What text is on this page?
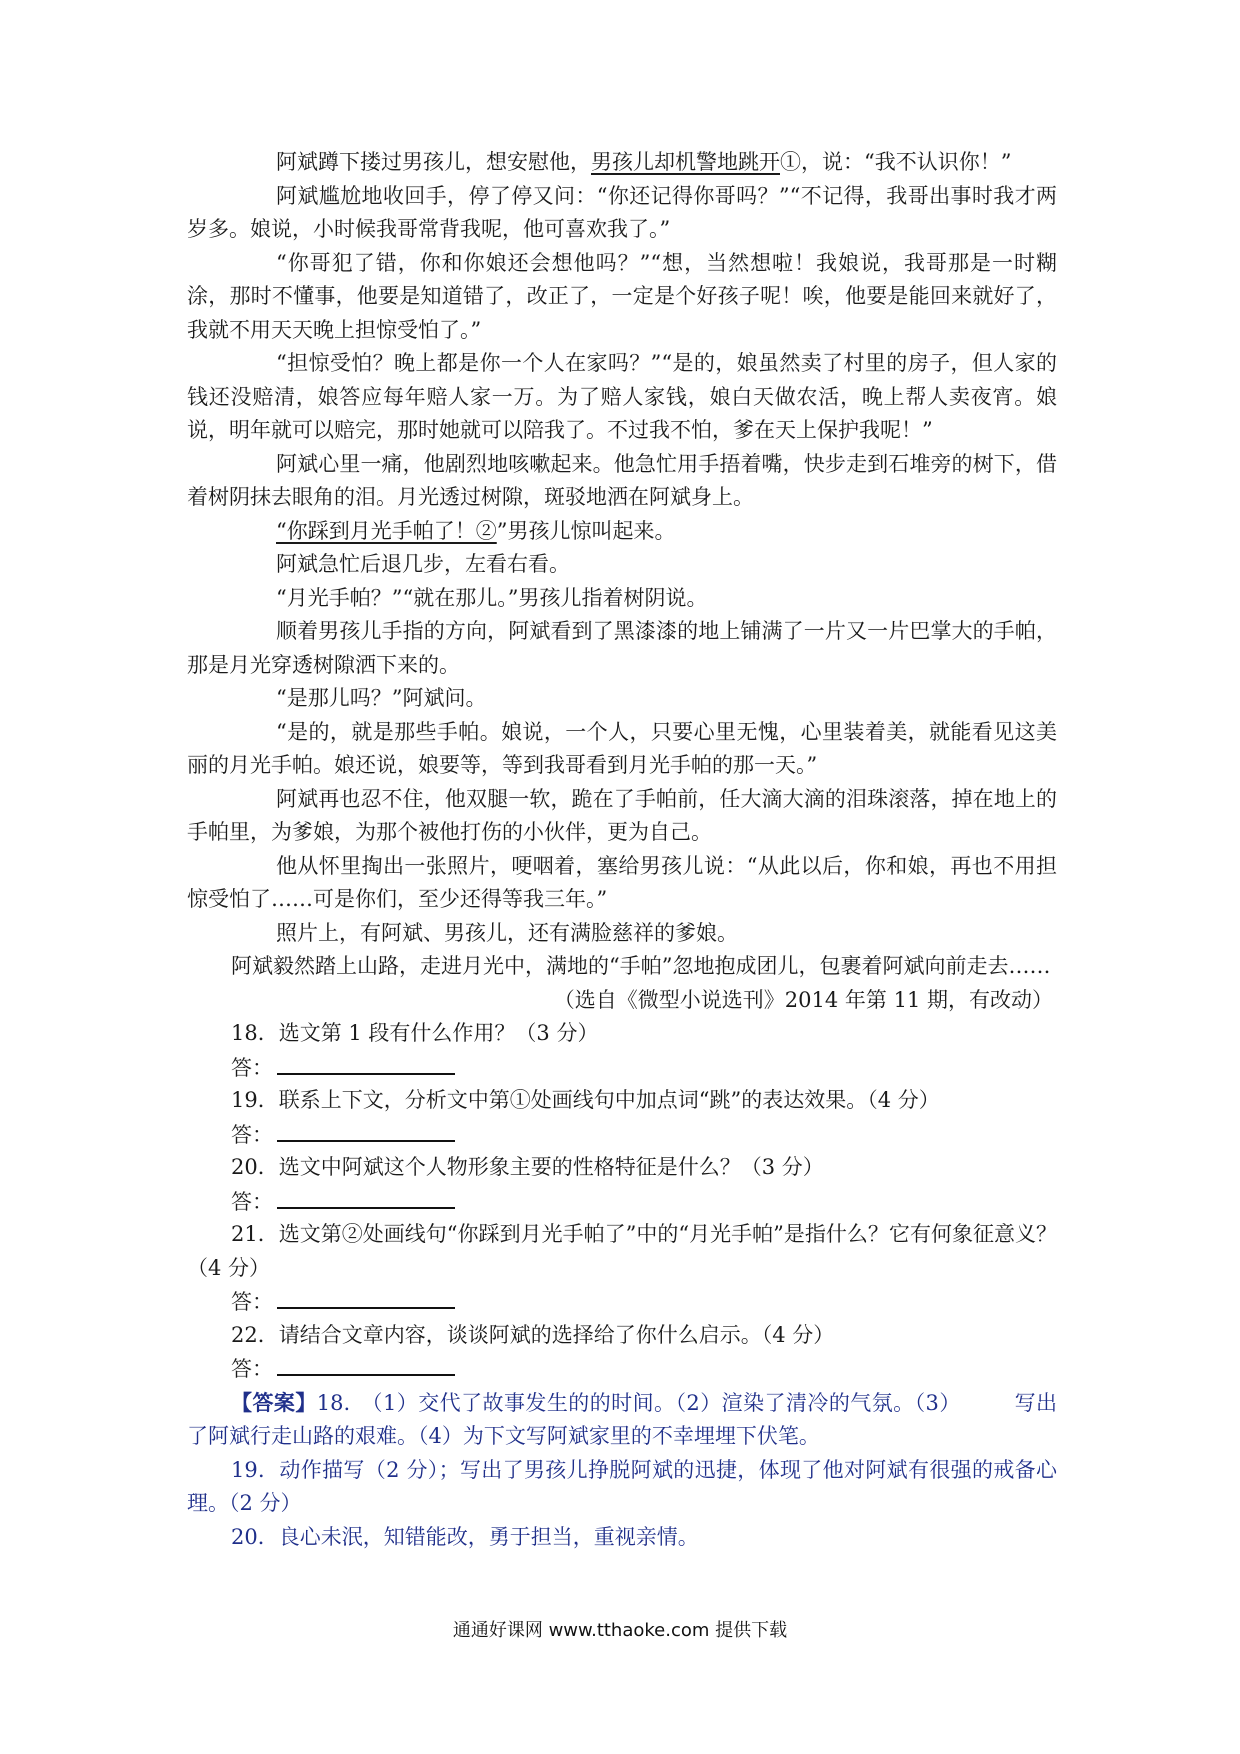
阿斌蹲下搂过男孩儿，想安慰他，男孩儿却机警地跳开①，说：“我不认识你！”

阿斌尴尬地收回手，停了停又问：“你还记得你哥吗？”“不记得，我哥出事时我才两岁多。娘说，小时候我哥常背我呢，他可喜欢我了。”

“你哥犯了错，你和你娘还会想他吗？”“想，当然想啦！我娘说，我哥那是一时糊涂，那时不懂事，他要是知道错了，改正了，一定是个好孩子呢！唉，他要是能回来就好了，我就不用天天晚上担惊受怕了。”

“担惊受怕？晚上都是你一个人在家吗？”“是的，娘虽然卖了村里的房子，但人家的钱还没赔清，娘答应每年赔人家一万。为了赔人家钱，娘白天做农活，晚上帮人卖夜宵。娘说，明年就可以赔完，那时她就可以陪我了。不过我不怕，爹在天上保护我呢！”

阿斌心里一痛，他剧烈地咳嗽起来。他急忙用手捂着嘴，快步走到石堆旁的树下，借着树阴抹去眼角的泪。月光透过树隙，斑驳地洒在阿斌身上。

“你踩到月光手帕了！②”男孩儿惊叫起来。

阿斌急忙后退几步，左看右看。

“月光手帕？”“就在那儿。”男孩儿指着树阴说。

顺着男孩儿手指的方向，阿斌看到了黑漆漆的地上铺满了一片又一片巴掌大的手帕，那是月光穿透树隙洒下来的。

“是那儿吗？”阿斌问。

“是的，就是那些手帕。娘说，一个人，只要心里无愧，心里装着美，就能看见这美丽的月光手帕。娘还说，娘要等，等到我哥看到月光手帕的那一天。”

阿斌再也忍不住，他双腿一软，跪在了手帕前，任大滴大滴的泪珠滚落，掉在地上的手帕里，为爹娘，为那个被他打伤的小伙伴，更为自己。

他从怀里掏出一张照片，哽咽着，塞给男孩儿说：“从此以后，你和娘，再也不用担惊受怕了……可是你们，至少还得等我三年。”

照片上，有阿斌、男孩儿，还有满脸慈祥的爹娘。

阿斌毅然踏上山路，走进月光中，满地的“手帕”忽地抱成团儿，包裹着阿斌向前走去……

（选自《微型小说选刊》2014 年第 11 期，有改动）

18．选文第 1 段有什么作用？（3 分）

答：

19．联系上下文，分析文中第①处画线句中加点词“跳”的表达效果。（4 分）

答：

20．选文中阿斌这个人物形象主要的性格特征是什么？（3 分）

答：

21．选文第②处画线句“你踩到月光手帕了”中的“月光手帕”是指什么？它有何象征意义？（4 分）

答：

22．请结合文章内容，谈谈阿斌的选择给了你什么启示。（4 分）

答：

【答案】18.　（1）交代了故事发生的的时间。（2）渲染了清冷的气氛。（3）　　　写出了阿斌行走山路的艰难。（4）为下文写阿斌家里的不幸埋埋下伏笔。

19．动作描写（2 分）；写出了男孩儿挣脱阿斌的迅捷，体现了他对阿斌有很强的戒备心理。（2 分）

20．良心未泯，知错能改，勇于担当，重视亲情。

通通好课网 www.tthaoke.com 提供下载
